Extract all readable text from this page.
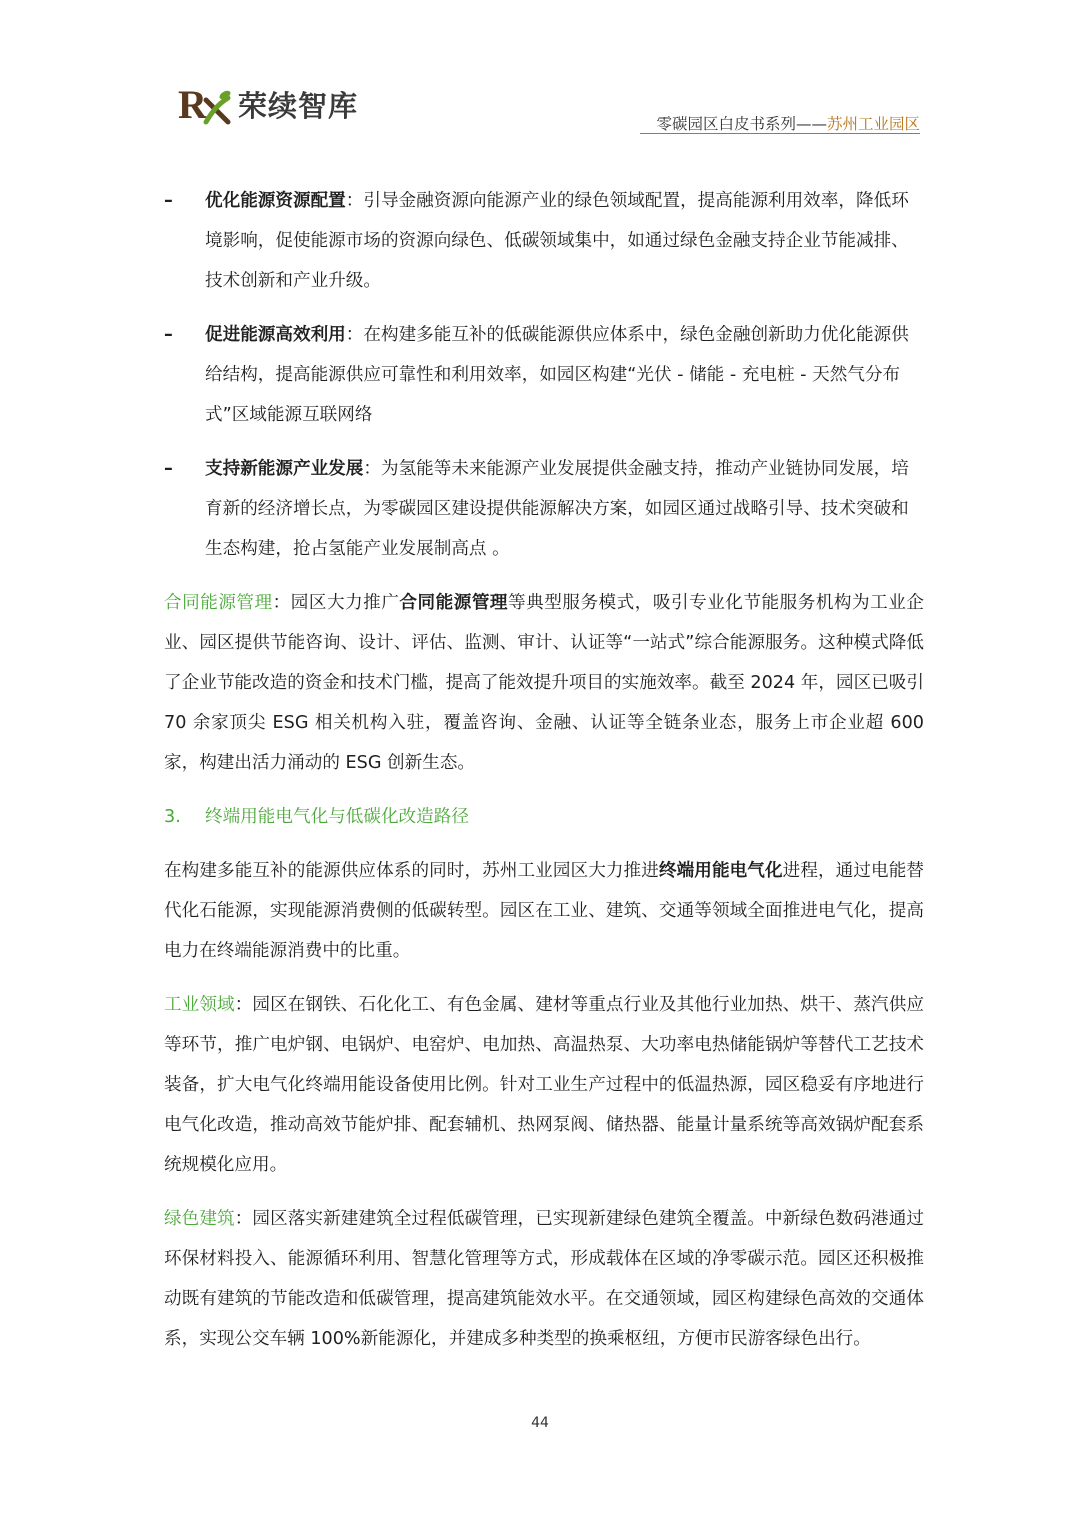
R 荣续智库
零碳园区白皮书系列——苏州工业园区
– 优化能源资源配置：引导金融资源向能源产业的绿色领域配置，提高能源利用效率，降低环境影响，促使能源市场的资源向绿色、低碳领域集中，如通过绿色金融支持企业节能减排、技术创新和产业升级。
– 促进能源高效利用：在构建多能互补的低碳能源供应体系中，绿色金融创新助力优化能源供给结构，提高能源供应可靠性和利用效率，如园区构建“光伏 - 储能 - 充电桩 - 天然气分布式”区域能源互联网络
– 支持新能源产业发展：为氢能等未来能源产业发展提供金融支持，推动产业链协同发展，培育新的经济增长点，为零碳园区建设提供能源解决方案，如园区通过战略引导、技术突破和生态构建，抢占氢能产业发展制高点 。
合同能源管理：园区大力推广合同能源管理等典型服务模式，吸引专业化节能服务机构为工业企业、园区提供节能咨询、设计、评估、监测、审计、认证等“一站式”综合能源服务。这种模式降低了企业节能改造的资金和技术门槛，提高了能效提升项目的实施效率。截至 2024 年，园区已吸引 70 余家顶尖 ESG 相关机构入驻，覆盖咨询、金融、认证等全链条业态，服务上市企业超 600 家，构建出活力涌动的 ESG 创新生态。
3. 终端用能电气化与低碳化改造路径
在构建多能互补的能源供应体系的同时，苏州工业园区大力推进终端用能电气化进程，通过电能替代化石能源，实现能源消费侧的低碳转型。园区在工业、建筑、交通等领域全面推进电气化，提高电力在终端能源消费中的比重。
工业领域：园区在钢铁、石化化工、有色金属、建材等重点行业及其他行业加热、烘干、蒸汽供应等环节，推广电炉钢、电锅炉、电窑炉、电加热、高温热泵、大功率电热储能锅炉等替代工艺技术装备，扩大电气化终端用能设备使用比例。针对工业生产过程中的低温热源，园区稳妥有序地进行电气化改造，推动高效节能炉排、配套辅机、热网泵阀、储热器、能量计量系统等高效锅炉配套系统规模化应用。
绿色建筑：园区落实新建建筑全过程低碳管理，已实现新建绿色建筑全覆盖。中新绿色数码港通过环保材料投入、能源循环利用、智慧化管理等方式，形成载体在区域的净零碳示范。园区还积极推动既有建筑的节能改造和低碳管理，提高建筑能效水平。在交通领域，园区构建绿色高效的交通体系，实现公交车辆 100%新能源化，并建成多种类型的换乘枢纽，方便市民游客绿色出行。
44
